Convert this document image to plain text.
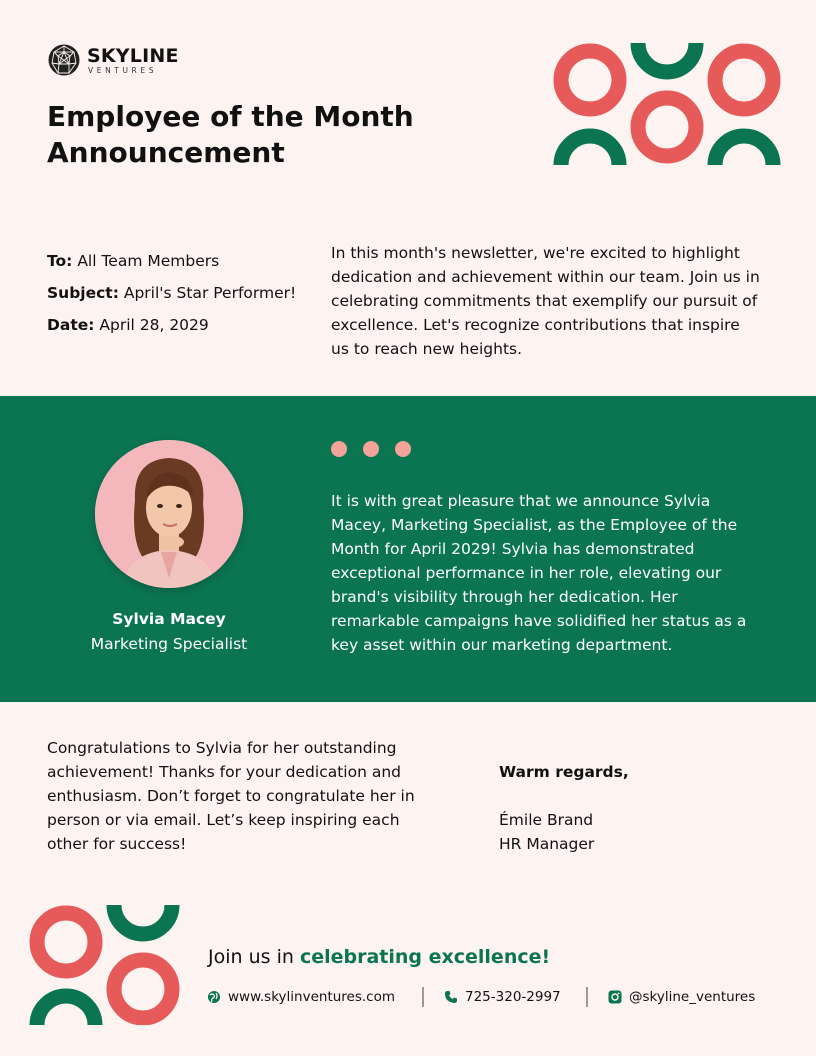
SKYLINE
VENTURES
Employee of the Month Announcement
To: All Team Members
Subject: April's Star Performer!
Date: April 28, 2029

In this month's newsletter, we're excited to highlight dedication and achievement within our team. Join us in celebrating commitments that exemplify our pursuit of excellence. Let's recognize contributions that inspire us to reach new heights.

Sylvia Macey
Marketing Specialist

It is with great pleasure that we announce Sylvia Macey, Marketing Specialist, as the Employee of the Month for April 2029! Sylvia has demonstrated exceptional performance in her role, elevating our brand's visibility through her dedication. Her remarkable campaigns have solidified her status as a key asset within our marketing department.

Congratulations to Sylvia for her outstanding achievement! Thanks for your dedication and enthusiasm. Don’t forget to congratulate her in person or via email. Let’s keep inspiring each other for success!

Warm regards,
Émile Brand
HR Manager
Join us in celebrating excellence!
www.skylinventures.com	725-320-2997	@skyline_ventures
